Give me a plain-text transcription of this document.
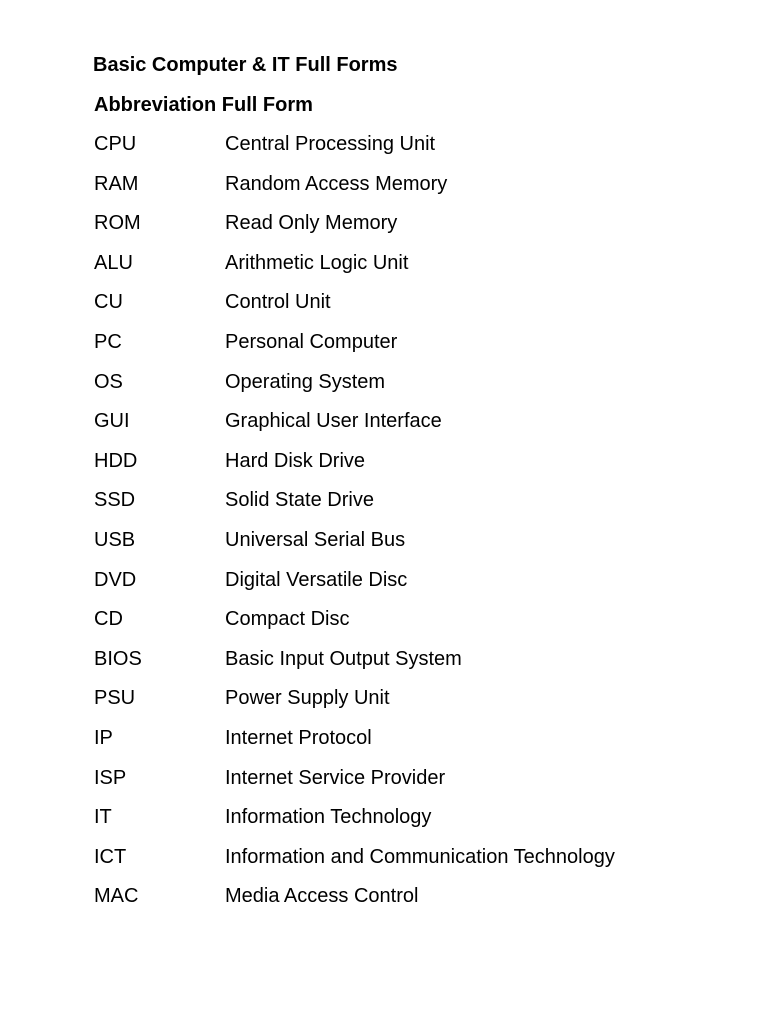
Basic Computer & IT Full Forms
Abbreviation Full Form
CPU	Central Processing Unit
RAM	Random Access Memory
ROM	Read Only Memory
ALU	Arithmetic Logic Unit
CU	Control Unit
PC	Personal Computer
OS	Operating System
GUI	Graphical User Interface
HDD	Hard Disk Drive
SSD	Solid State Drive
USB	Universal Serial Bus
DVD	Digital Versatile Disc
CD	Compact Disc
BIOS	Basic Input Output System
PSU	Power Supply Unit
IP	Internet Protocol
ISP	Internet Service Provider
IT	Information Technology
ICT	Information and Communication Technology
MAC	Media Access Control
